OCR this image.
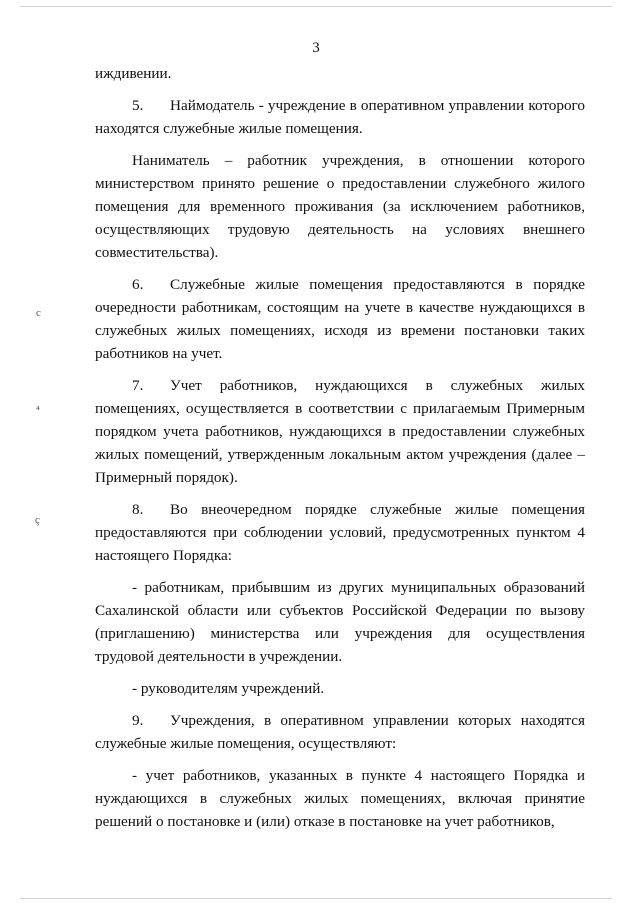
3

иждивении.

5. Наймодатель - учреждение в оперативном управлении которого находятся служебные жилые помещения.

Наниматель – работник учреждения, в отношении которого министерством принято решение о предоставлении служебного жилого помещения для временного проживания (за исключением работников, осуществляющих трудовую деятельность на условиях внешнего совместительства).

6. Служебные жилые помещения предоставляются в порядке очередности работникам, состоящим на учете в качестве нуждающихся в служебных жилых помещениях, исходя из времени постановки таких работников на учет.

7. Учет работников, нуждающихся в служебных жилых помещениях, осуществляется в соответствии с прилагаемым Примерным порядком учета работников, нуждающихся в предоставлении служебных жилых помещений, утвержденным локальным актом учреждения (далее – Примерный порядок).

8. Во внеочередном порядке служебные жилые помещения предоставляются при соблюдении условий, предусмотренных пунктом 4 настоящего Порядка:

- работникам, прибывшим из других муниципальных образований Сахалинской области или субъектов Российской Федерации по вызову (приглашению) министерства или учреждения для осуществления трудовой деятельности в учреждении.

- руководителям учреждений.

9. Учреждения, в оперативном управлении которых находятся служебные жилые помещения, осуществляют:

- учет работников, указанных в пункте 4 настоящего Порядка и нуждающихся в служебных жилых помещениях, включая принятие решений о постановке и (или) отказе в постановке на учет работников,

c
⁴
ç
